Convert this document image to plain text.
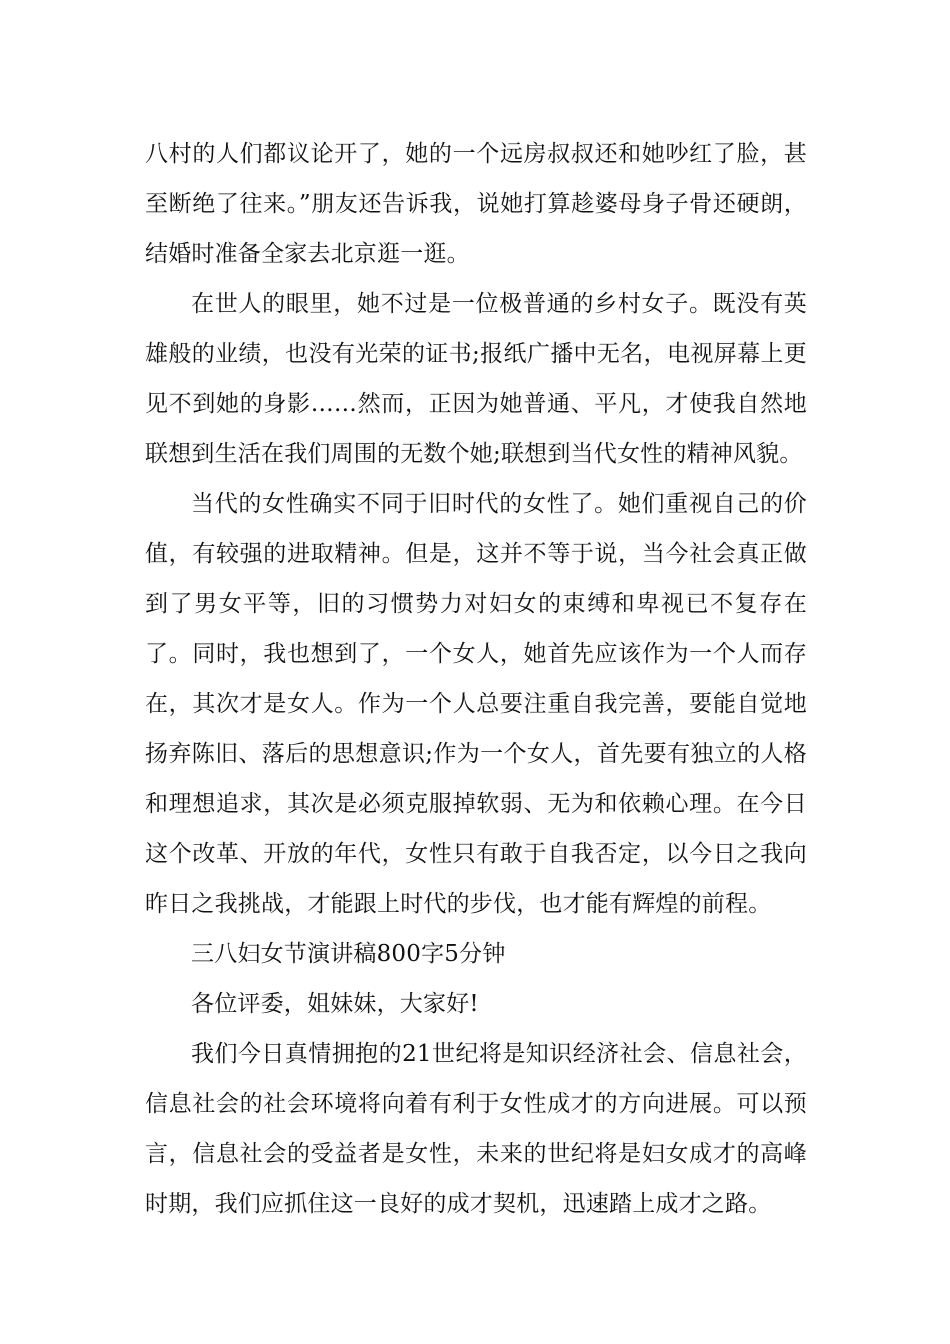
八村的人们都议论开了，她的一个远房叔叔还和她吵红了脸，甚至断绝了往来。”朋友还告诉我，说她打算趁婆母身子骨还硬朗，结婚时准备全家去北京逛一逛。

在世人的眼里，她不过是一位极普通的乡村女子。既没有英雄般的业绩，也没有光荣的证书;报纸广播中无名，电视屏幕上更见不到她的身影……然而，正因为她普通、平凡，才使我自然地联想到生活在我们周围的无数个她;联想到当代女性的精神风貌。

当代的女性确实不同于旧时代的女性了。她们重视自己的价值，有较强的进取精神。但是，这并不等于说，当今社会真正做到了男女平等，旧的习惯势力对妇女的束缚和卑视已不复存在了。同时，我也想到了，一个女人，她首先应该作为一个人而存在，其次才是女人。作为一个人总要注重自我完善，要能自觉地扬弃陈旧、落后的思想意识;作为一个女人，首先要有独立的人格和理想追求，其次是必须克服掉软弱、无为和依赖心理。在今日这个改革、开放的年代，女性只有敢于自我否定，以今日之我向昨日之我挑战，才能跟上时代的步伐，也才能有辉煌的前程。

三八妇女节演讲稿800字5分钟

各位评委，姐妹妹，大家好!

我们今日真情拥抱的21世纪将是知识经济社会、信息社会，信息社会的社会环境将向着有利于女性成才的方向进展。可以预言，信息社会的受益者是女性，未来的世纪将是妇女成才的高峰时期，我们应抓住这一良好的成才契机，迅速踏上成才之路。
